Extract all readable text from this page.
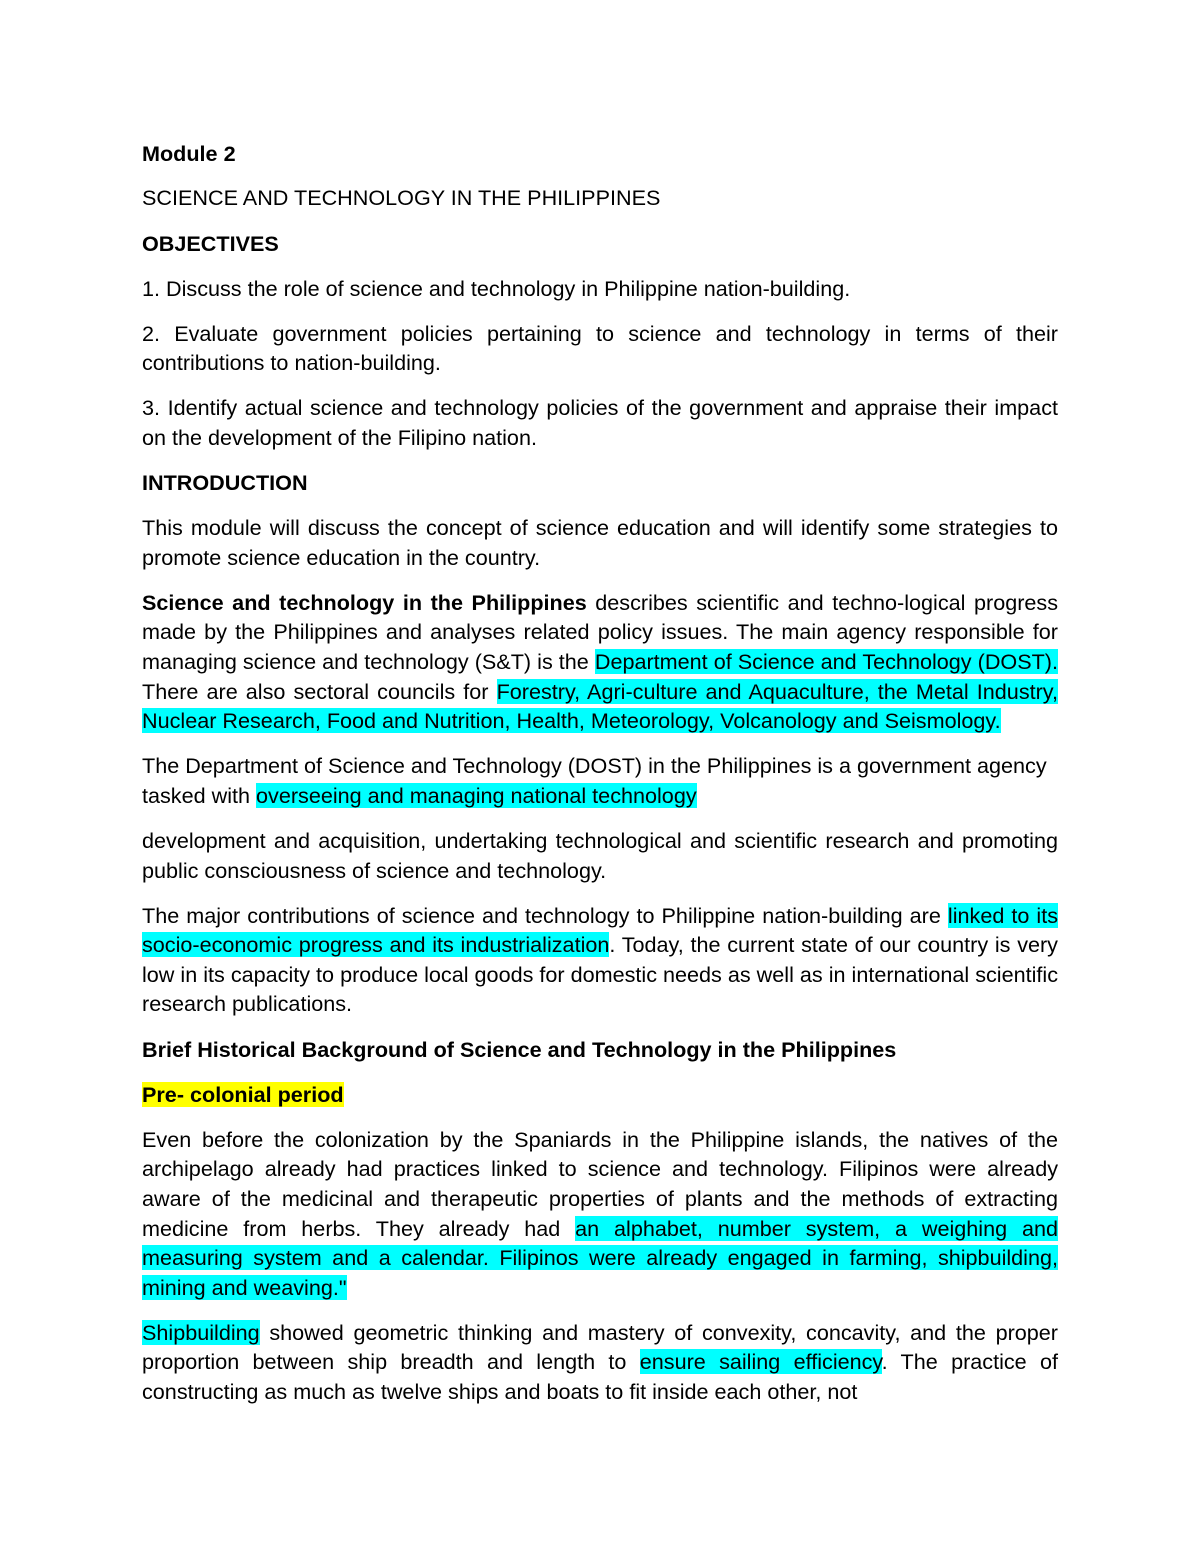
Module 2

SCIENCE AND TECHNOLOGY IN THE PHILIPPINES

OBJECTIVES

1. Discuss the role of science and technology in Philippine nation-building.

2. Evaluate government policies pertaining to science and technology in terms of their contributions to nation-building.

3. Identify actual science and technology policies of the government and appraise their impact on the development of the Filipino nation.

INTRODUCTION

This module will discuss the concept of science education and will identify some strategies to promote science education in the country.

Science and technology in the Philippines describes scientific and techno-logical progress made by the Philippines and analyses related policy issues. The main agency responsible for managing science and technology (S&T) is the Department of Science and Technology (DOST). There are also sectoral councils for Forestry, Agri-culture and Aquaculture, the Metal Industry, Nuclear Research, Food and Nutrition, Health, Meteorology, Volcanology and Seismology.

The Department of Science and Technology (DOST) in the Philippines is a government agency tasked with overseeing and managing national technology

development and acquisition, undertaking technological and scientific research and promoting public consciousness of science and technology.

The major contributions of science and technology to Philippine nation-building are linked to its socio-economic progress and its industrialization. Today, the current state of our country is very low in its capacity to produce local goods for domestic needs as well as in international scientific research publications.

Brief Historical Background of Science and Technology in the Philippines

Pre- colonial period

Even before the colonization by the Spaniards in the Philippine islands, the natives of the archipelago already had practices linked to science and technology. Filipinos were already aware of the medicinal and therapeutic properties of plants and the methods of extracting medicine from herbs. They already had an alphabet, number system, a weighing and measuring system and a calendar. Filipinos were already engaged in farming, shipbuilding, mining and weaving."

Shipbuilding showed geometric thinking and mastery of convexity, concavity, and the proper proportion between ship breadth and length to ensure sailing efficiency. The practice of constructing as much as twelve ships and boats to fit inside each other, not
